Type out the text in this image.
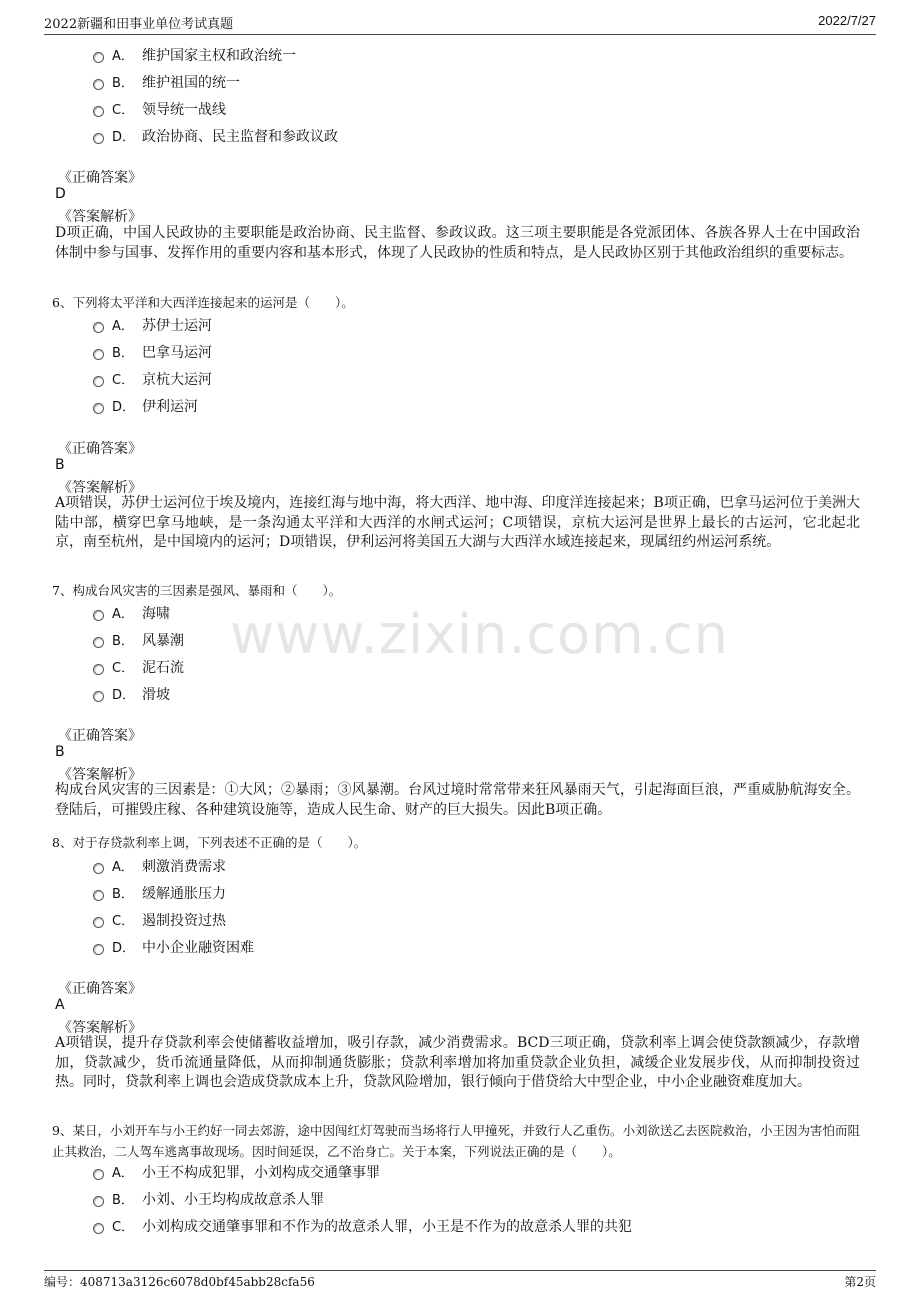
2022新疆和田事业单位考试真题	2022/7/27
www.zixin.com.cn
A． 维护国家主权和政治统一
B． 维护祖国的统一
C． 领导统一战线
D． 政治协商、民主监督和参政议政
《正确答案》
D
《答案解析》
D项正确，中国人民政协的主要职能是政治协商、民主监督、参政议政。这三项主要职能是各党派团体、各族各界人士在中国政治体制中参与国事、发挥作用的重要内容和基本形式，体现了人民政协的性质和特点，是人民政协区别于其他政治组织的重要标志。
6、下列将太平洋和大西洋连接起来的运河是（　　）。
A． 苏伊士运河
B． 巴拿马运河
C． 京杭大运河
D． 伊利运河
《正确答案》
B
《答案解析》
A项错误，苏伊士运河位于埃及境内，连接红海与地中海，将大西洋、地中海、印度洋连接起来；B项正确，巴拿马运河位于美洲大陆中部，横穿巴拿马地峡，是一条沟通太平洋和大西洋的水闸式运河；C项错误，京杭大运河是世界上最长的古运河，它北起北京，南至杭州，是中国境内的运河；D项错误，伊利运河将美国五大湖与大西洋水域连接起来，现属纽约州运河系统。
7、构成台风灾害的三因素是强风、暴雨和（　　）。
A． 海啸
B． 风暴潮
C． 泥石流
D． 滑坡
《正确答案》
B
《答案解析》
构成台风灾害的三因素是：①大风；②暴雨；③风暴潮。台风过境时常常带来狂风暴雨天气，引起海面巨浪，严重威胁航海安全。登陆后，可摧毁庄稼、各种建筑设施等，造成人民生命、财产的巨大损失。因此B项正确。
8、对于存贷款利率上调，下列表述不正确的是（　　）。
A． 刺激消费需求
B． 缓解通胀压力
C． 遏制投资过热
D． 中小企业融资困难
《正确答案》
A
《答案解析》
A项错误，提升存贷款利率会使储蓄收益增加，吸引存款，减少消费需求。BCD三项正确，贷款利率上调会使贷款额减少，存款增加，贷款减少，货币流通量降低，从而抑制通货膨胀；贷款利率增加将加重贷款企业负担，减缓企业发展步伐，从而抑制投资过热。同时，贷款利率上调也会造成贷款成本上升，贷款风险增加，银行倾向于借贷给大中型企业，中小企业融资难度加大。
9、某日，小刘开车与小王约好一同去郊游，途中因闯红灯驾驶而当场将行人甲撞死，并致行人乙重伤。小刘欲送乙去医院救治，小王因为害怕而阻止其救治，二人驾车逃离事故现场。因时间延误，乙不治身亡。关于本案，下列说法正确的是（　　）。
A． 小王不构成犯罪，小刘构成交通肇事罪
B． 小刘、小王均构成故意杀人罪
C． 小刘构成交通肇事罪和不作为的故意杀人罪，小王是不作为的故意杀人罪的共犯
编号：408713a3126c6078d0bf45abb28cfa56	第2页
